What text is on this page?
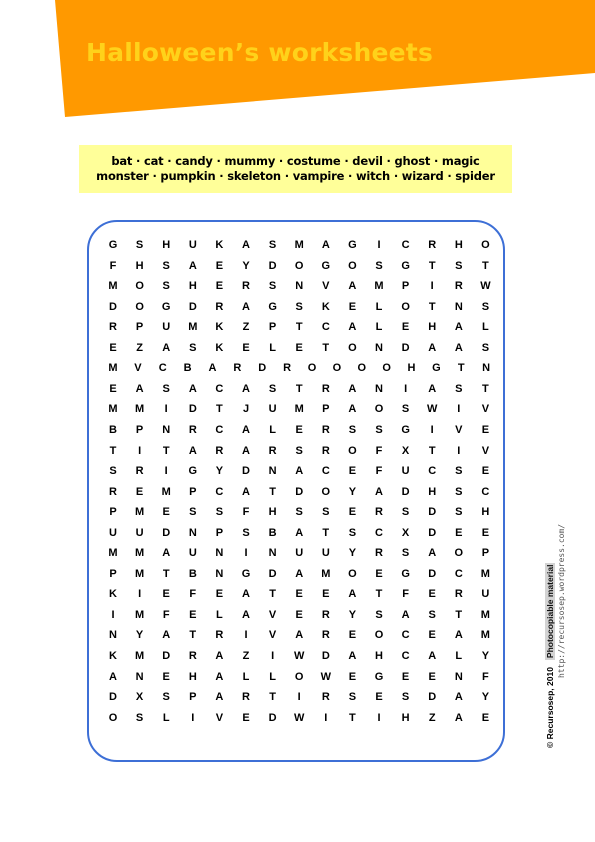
Halloween’s worksheets
bat · cat · candy · mummy · costume · devil · ghost · magic
monster · pumpkin · skeleton · vampire · witch · wizard · spider
G	S	H	U	K	A	S	M	A	G	I	C	R	H	O
F	H	S	A	E	Y	D	O	G	O	S	G	T	S	T
M	O	S	H	E	R	S	N	V	A	M	P	I	R	W
D	O	G	D	R	A	G	S	K	E	L	O	T	N	S
R	P	U	M	K	Z	P	T	C	A	L	E	H	A	L
E	Z	A	S	K	E	L	E	T	O	N	D	A	A	S
M	V	C	B	A	R	D	R	O	O	O	O	H	G	T	N
E	A	S	A	C	A	S	T	R	A	N	I	A	S	T
M	M	I	D	T	J	U	M	P	A	O	S	W	I	V
B	P	N	R	C	A	L	E	R	S	S	G	I	V	E
T	I	T	A	R	A	R	S	R	O	F	X	T	I	V
S	R	I	G	Y	D	N	A	C	E	F	U	C	S	E
R	E	M	P	C	A	T	D	O	Y	A	D	H	S	C
P	M	E	S	S	F	H	S	S	E	R	S	D	S	H
U	U	D	N	P	S	B	A	T	S	C	X	D	E	E
M	M	A	U	N	I	N	U	U	Y	R	S	A	O	P
P	M	T	B	N	G	D	A	M	O	E	G	D	C	M
K	I	E	F	E	A	T	E	E	A	T	F	E	R	U
I	M	F	E	L	A	V	E	R	Y	S	A	S	T	M
N	Y	A	T	R	I	V	A	R	E	O	C	E	A	M
K	M	D	R	A	Z	I	W	D	A	H	C	A	L	Y
A	N	E	H	A	L	L	O	W	E	G	E	E	N	F
D	X	S	P	A	R	T	I	R	S	E	S	D	A	Y
O	S	L	I	V	E	D	W	I	T	I	H	Z	A	E	© Recursosep, 2010Photocopiable material http://recursosep.wordpress.com/
